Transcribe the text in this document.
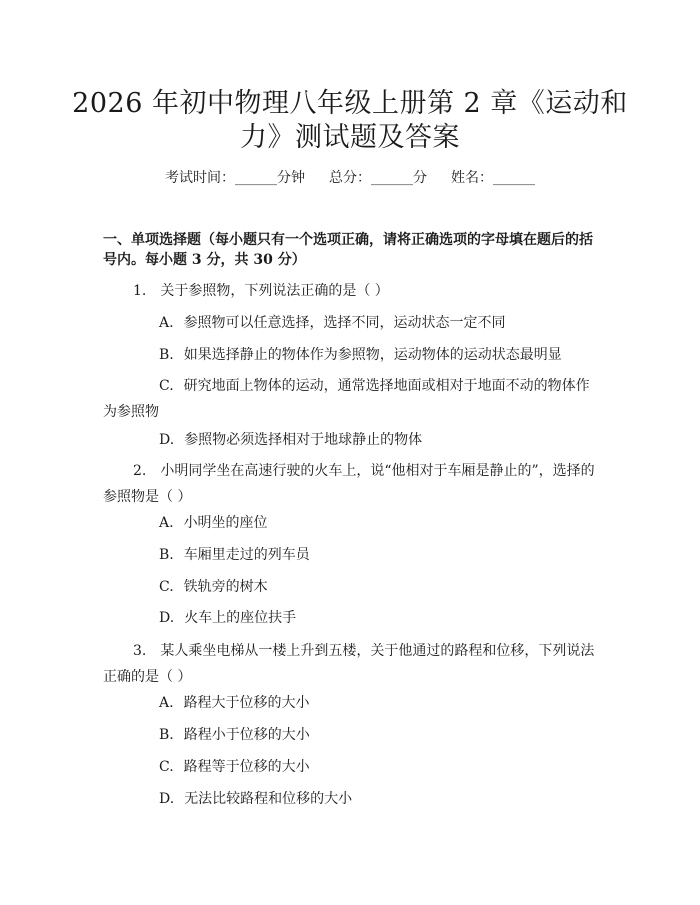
2026 年初中物理八年级上册第 2 章《运动和
力》测试题及答案
考试时间：______分钟 总分：______分 姓名：______
一、单项选择题（每小题只有一个选项正确，请将正确选项的字母填在题后的括
号内。每小题 3 分，共 30 分）
1. 关于参照物，下列说法正确的是（ ）
A. 参照物可以任意选择，选择不同，运动状态一定不同
B. 如果选择静止的物体作为参照物，运动物体的运动状态最明显
C. 研究地面上物体的运动，通常选择地面或相对于地面不动的物体作为参照物
D. 参照物必须选择相对于地球静止的物体
2. 小明同学坐在高速行驶的火车上，说“他相对于车厢是静止的”，选择的参照物是（ ）
A. 小明坐的座位
B. 车厢里走过的列车员
C. 铁轨旁的树木
D. 火车上的座位扶手
3. 某人乘坐电梯从一楼上升到五楼，关于他通过的路程和位移，下列说法正确的是（ ）
A. 路程大于位移的大小
B. 路程小于位移的大小
C. 路程等于位移的大小
D. 无法比较路程和位移的大小
